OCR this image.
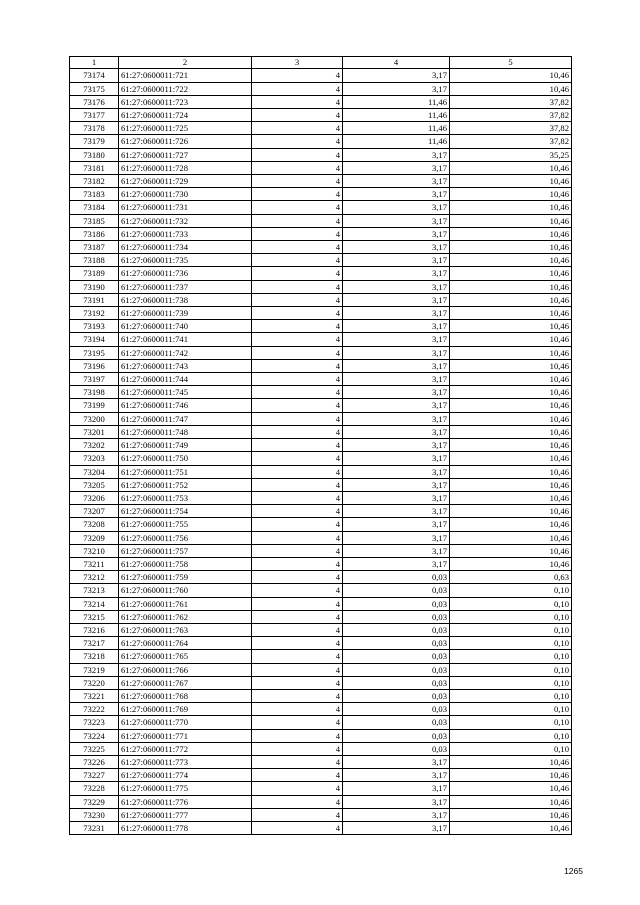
1	2	3	4	5
73174	61:27:0600011:721	4	3,17	10,46
73175	61:27:0600011:722	4	3,17	10,46
73176	61:27:0600011:723	4	11,46	37,82
73177	61:27:0600011:724	4	11,46	37,82
73178	61:27:0600011:725	4	11,46	37,82
73179	61:27:0600011:726	4	11,46	37,82
73180	61:27:0600011:727	4	3,17	35,25
73181	61:27:0600011:728	4	3,17	10,46
73182	61:27:0600011:729	4	3,17	10,46
73183	61:27:0600011:730	4	3,17	10,46
73184	61:27:0600011:731	4	3,17	10,46
73185	61:27:0600011:732	4	3,17	10,46
73186	61:27:0600011:733	4	3,17	10,46
73187	61:27:0600011:734	4	3,17	10,46
73188	61:27:0600011:735	4	3,17	10,46
73189	61:27:0600011:736	4	3,17	10,46
73190	61:27:0600011:737	4	3,17	10,46
73191	61:27:0600011:738	4	3,17	10,46
73192	61:27:0600011:739	4	3,17	10,46
73193	61:27:0600011:740	4	3,17	10,46
73194	61:27:0600011:741	4	3,17	10,46
73195	61:27:0600011:742	4	3,17	10,46
73196	61:27:0600011:743	4	3,17	10,46
73197	61:27:0600011:744	4	3,17	10,46
73198	61:27:0600011:745	4	3,17	10,46
73199	61:27:0600011:746	4	3,17	10,46
73200	61:27:0600011:747	4	3,17	10,46
73201	61:27:0600011:748	4	3,17	10,46
73202	61:27:0600011:749	4	3,17	10,46
73203	61:27:0600011:750	4	3,17	10,46
73204	61:27:0600011:751	4	3,17	10,46
73205	61:27:0600011:752	4	3,17	10,46
73206	61:27:0600011:753	4	3,17	10,46
73207	61:27:0600011:754	4	3,17	10,46
73208	61:27:0600011:755	4	3,17	10,46
73209	61:27:0600011:756	4	3,17	10,46
73210	61:27:0600011:757	4	3,17	10,46
73211	61:27:0600011:758	4	3,17	10,46
73212	61:27:0600011:759	4	0,03	0,63
73213	61:27:0600011:760	4	0,03	0,10
73214	61:27:0600011:761	4	0,03	0,10
73215	61:27:0600011:762	4	0,03	0,10
73216	61:27:0600011:763	4	0,03	0,10
73217	61:27:0600011:764	4	0,03	0,10
73218	61:27:0600011:765	4	0,03	0,10
73219	61:27:0600011:766	4	0,03	0,10
73220	61:27:0600011:767	4	0,03	0,10
73221	61:27:0600011:768	4	0,03	0,10
73222	61:27:0600011:769	4	0,03	0,10
73223	61:27:0600011:770	4	0,03	0,10
73224	61:27:0600011:771	4	0,03	0,10
73225	61:27:0600011:772	4	0,03	0,10
73226	61:27:0600011:773	4	3,17	10,46
73227	61:27:0600011:774	4	3,17	10,46
73228	61:27:0600011:775	4	3,17	10,46
73229	61:27:0600011:776	4	3,17	10,46
73230	61:27:0600011:777	4	3,17	10,46
73231	61:27:0600011:778	4	3,17	10,46
1265
